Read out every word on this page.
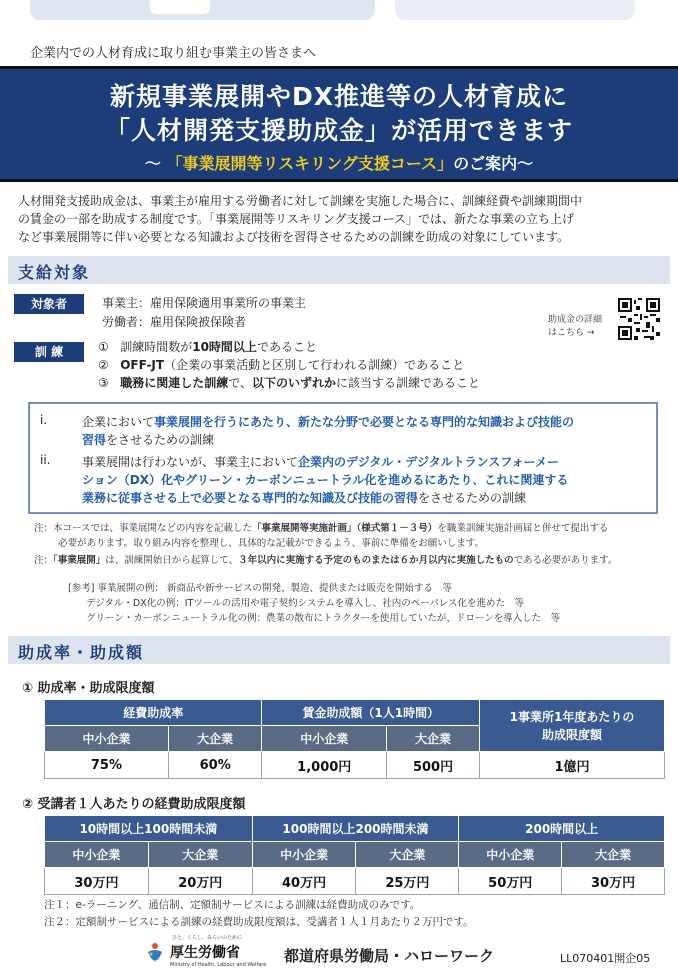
企業内での人材育成に取り組む事業主の皆さまへ
新規事業展開やDX推進等の人材育成に
「人材開発支援助成金」が活用できます
～ 「事業展開等リスキリング支援コース」のご案内～
人材開発支援助成金は、事業主が雇用する労働者に対して訓練を実施した場合に、訓練経費や訓練期間中
の賃金の一部を助成する制度です。「事業展開等リスキリング支援コース」では、新たな事業の立ち上げ
など事業展開等に伴い必要となる知識および技術を習得させるための訓練を助成の対象にしています。
支給対象
対象者	事業主：雇用保険適用事業所の事業主
労働者：雇用保険被保険者	助成金の詳細
はこちら →
訓 練	① 訓練時間数が10時間以上であること
② OFF-JT（企業の事業活動と区別して行われる訓練）であること
③ 職務に関連した訓練で、以下のいずれかに該当する訓練であること
i.	企業において事業展開を行うにあたり、新たな分野で必要となる専門的な知識および技能の
習得をさせるための訓練
ii.	事業展開は行わないが、事業主において企業内のデジタル・デジタルトランスフォーメー
ション（DX）化やグリーン・カーボンニュートラル化を進めるにあたり、これに関連する
業務に従事させる上で必要となる専門的な知識及び技能の習得をさせるための訓練
注：本コースでは、事業展開などの内容を記載した「事業展開等実施計画」（様式第１－３号）を職業訓練実施計画届と併せて提出する
必要があります。取り組み内容を整理し、具体的な記載ができるよう、事前に準備をお願いします。
注：「事業展開」は、訓練開始日から起算して、３年以内に実施する予定のものまたは６か月以内に実施したものである必要があります。
[参考] 事業展開の例： 新商品や新サービスの開発、製造、提供または販売を開始する　等
デジタル・DX化の例：ITツールの活用や電子契約システムを導入し、社内のペーパレス化を進めた　等
グリーン・カーボンニュートラル化の例：農業の散布にトラクターを使用していたが、ドローンを導入した　等
助成率・助成額
① 助成率・助成限度額
経費助成率		賃金助成額（1人1時間）		1事業所1年度あたりの
助成限度額

中小企業	大企業	中小企業	大企業	
75%	60%	1,000円	500円	1億円
② 受講者１人あたりの経費助成限度額
10時間以上100時間未満		100時間以上200時間未満		200時間以上	
中小企業	大企業	中小企業	大企業	中小企業	大企業
30万円	20万円	40万円	25万円	50万円	30万円
注１：e-ラーニング、通信制、定額制サービスによる訓練は経費助成のみです。
注２：定額制サービスによる訓練の経費助成限度額は、受講者１人１月あたり２万円です。
ひと、くらし、みらいのために
厚生労働省
Ministry of Health, Labour and Welfare 都道府県労働局・ハローワーク	LL070401開企05
